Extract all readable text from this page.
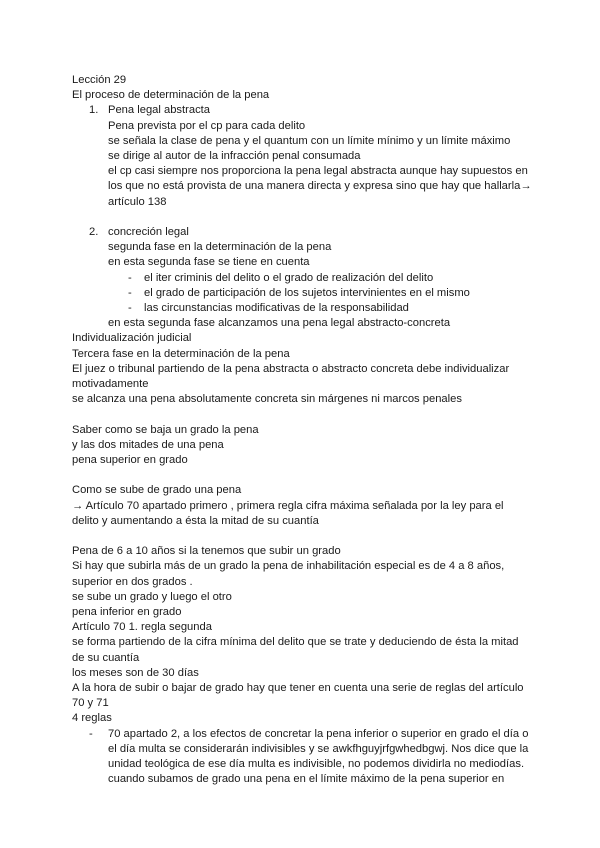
Lección 29
El proceso de determinación de la pena
1. Pena legal abstracta
Pena prevista por el cp para cada delito
se señala la clase de pena y el quantum con un límite mínimo y un límite máximo
se dirige al autor de la infracción penal consumada
el cp casi siempre nos proporciona la pena legal abstracta aunque hay supuestos en los que no está provista de una manera directa y expresa sino que hay que hallarla→ artículo 138
2. concreción legal
segunda fase en la determinación de la pena
en esta segunda fase se tiene en cuenta
- el iter criminis del delito o el grado de realización del delito
- el grado de participación de los sujetos intervinientes en el mismo
- las circunstancias modificativas de la responsabilidad
en esta segunda fase alcanzamos una pena legal abstracto-concreta
Individualización judicial
Tercera fase en la determinación de la pena
El juez o tribunal partiendo de la pena abstracta o abstracto concreta debe individualizar motivadamente
se alcanza una pena absolutamente concreta sin márgenes ni marcos penales
Saber como se baja un grado la pena
y las dos mitades de una pena
pena superior en grado
Como se sube de grado una pena
→ Artículo 70 apartado primero , primera regla cifra máxima señalada por la ley para el delito y aumentando a ésta la mitad de su cuantía
Pena de 6 a 10 años si la tenemos que subir un grado
Si hay que subirla más de un grado la pena de inhabilitación especial es de 4 a 8 años, superior en dos grados .
se sube un grado y luego el otro
pena inferior en grado
Artículo 70 1. regla segunda
se forma partiendo de la cifra mínima del delito que se trate y deduciendo de ésta la mitad de su cuantía
los meses son de 30 días
A la hora de subir o bajar de grado hay que tener en cuenta una serie de reglas del artículo 70 y 71
4 reglas
- 70 apartado 2, a los efectos de concretar la pena inferior o superior en grado el día o el día multa se considerarán indivisibles y se awkfhguyjrfgwhedbgwj. Nos dice que la unidad teológica de ese día multa es indivisible, no podemos dividirla no mediodías. cuando subamos de grado una pena en el límite máximo de la pena superior en
